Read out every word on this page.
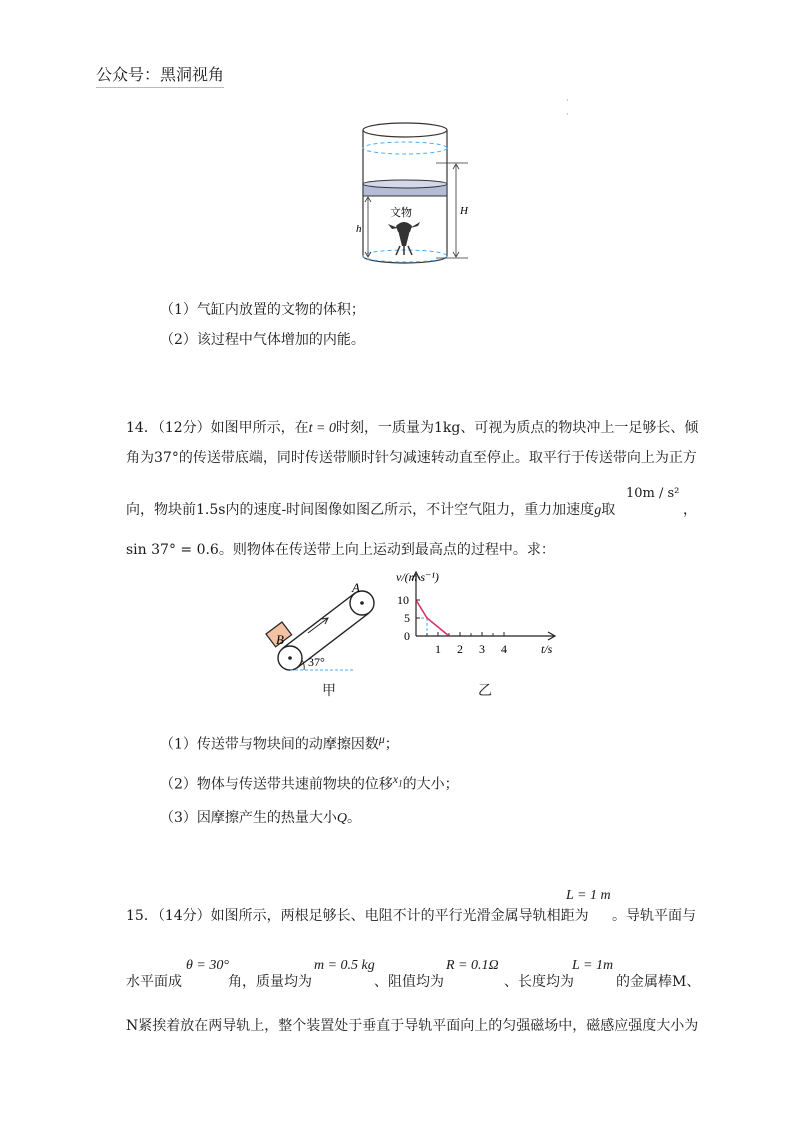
公众号：黑洞视角
·
·
文物
h
H
（1）气缸内放置的文物的体积；
（2）该过程中气体增加的内能。
14．（12分）如图甲所示，在t = 0时刻，一质量为1kg、可视为质点的物块冲上一足够长、倾
角为37°的传送带底端，同时传送带顺时针匀减速转动直至停止。取平行于传送带向上为正方
向，物块前1.5s内的速度-时间图像如图乙所示，不计空气阻力，重力加速度g取
10m / s²
，
sin 37° = 0.6。则物体在传送带上向上运动到最高点的过程中。求：
A
B
37°
甲
1 2 3 4
0
5
10
v/(m·s⁻¹)
t/s
乙
（1）传送带与物块间的动摩擦因数$^\mu$；
（2）物体与传送带共速前物块的位移$^{x_1}$的大小；
（3）因摩擦产生的热量大小Q。
15．（14分）如图所示，两根足够长、电阻不计的平行光滑金属导轨相距为
L = 1 m
。导轨平面与
水平面成
θ = 30°
角，质量均为
m = 0.5 kg
、阻值均为
R = 0.1Ω
、长度均为
L = 1m
的金属棒M、
N紧挨着放在两导轨上，整个装置处于垂直于导轨平面向上的匀强磁场中，磁感应强度大小为
